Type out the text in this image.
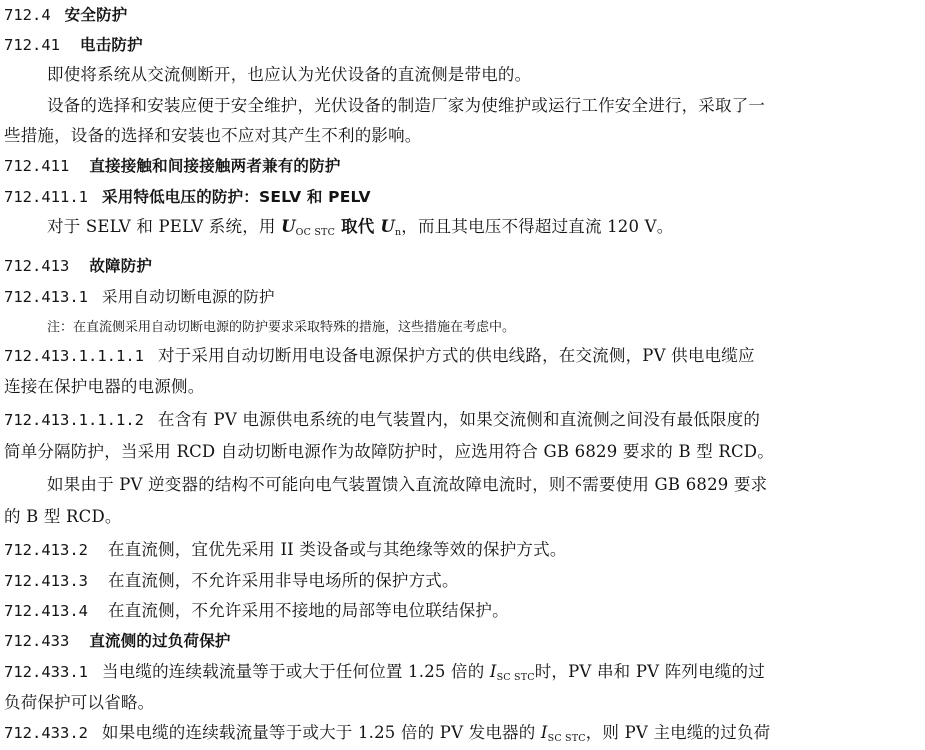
712.4 安全防护
712.41 电击防护
即使将系统从交流侧断开，也应认为光伏设备的直流侧是带电的。
设备的选择和安装应便于安全维护，光伏设备的制造厂家为使维护或运行工作安全进行，采取了一
些措施，设备的选择和安装也不应对其产生不利的影响。
712.411 直接接触和间接接触两者兼有的防护
712.411.1 采用特低电压的防护：SELV 和 PELV
对于 SELV 和 PELV 系统，用 $U_{OC STC}$ 取代 $U_n$，而且其电压不得超过直流 120 V。
712.413 故障防护
712.413.1 采用自动切断电源的防护
注：在直流侧采用自动切断电源的防护要求采取特殊的措施，这些措施在考虑中。
712.413.1.1.1.1 对于采用自动切断用电设备电源保护方式的供电线路，在交流侧，PV 供电电缆应
连接在保护电器的电源侧。
712.413.1.1.1.2 在含有 PV 电源供电系统的电气装置内，如果交流侧和直流侧之间没有最低限度的
简单分隔防护，当采用 RCD 自动切断电源作为故障防护时，应选用符合 GB 6829 要求的 B 型 RCD。
如果由于 PV 逆变器的结构不可能向电气装置馈入直流故障电流时，则不需要使用 GB 6829 要求
的 B 型 RCD。
712.413.2 在直流侧，宜优先采用 II 类设备或与其绝缘等效的保护方式。
712.413.3 在直流侧，不允许采用非导电场所的保护方式。
712.413.4 在直流侧，不允许采用不接地的局部等电位联结保护。
712.433 直流侧的过负荷保护
712.433.1 当电缆的连续载流量等于或大于任何位置 1.25 倍的 $I_{SC STC}$时，PV 串和 PV 阵列电缆的过
负荷保护可以省略。
712.433.2 如果电缆的连续载流量等于或大于 1.25 倍的 PV 发电器的 $I_{SC STC}$，则 PV 主电缆的过负荷
